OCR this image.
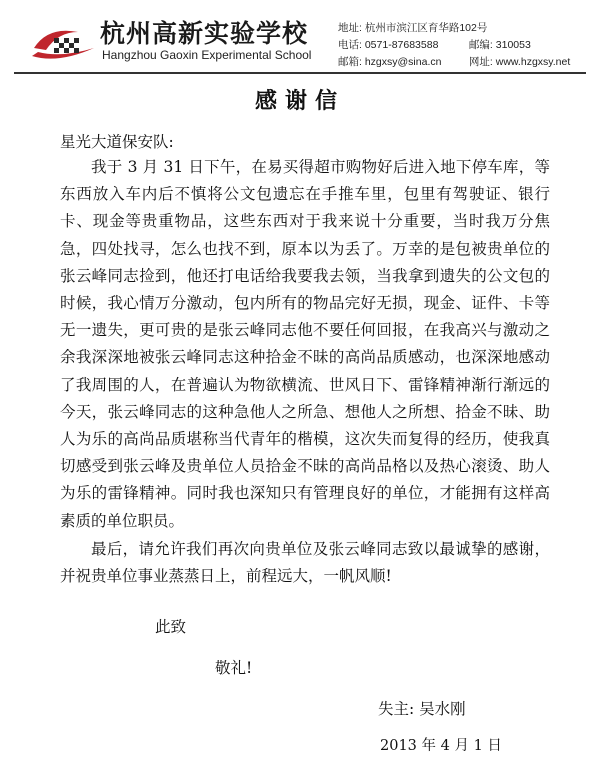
杭州高新实验学校
Hangzhou Gaoxin Experimental School
地址: 杭州市滨江区育华路102号
电话: 0571-87683588	邮编: 310053
邮箱: hzgxsy@sina.cn	网址: www.hzgxsy.net
感谢信
星光大道保安队:
我于 3 月 31 日下午，在易买得超市购物好后进入地下停车库，等东西放入车内后不慎将公文包遗忘在手推车里，包里有驾驶证、银行卡、现金等贵重物品，这些东西对于我来说十分重要，当时我万分焦急，四处找寻，怎么也找不到，原本以为丢了。万幸的是包被贵单位的张云峰同志捡到，他还打电话给我要我去领，当我拿到遗失的公文包的时候，我心情万分激动，包内所有的物品完好无损，现金、证件、卡等无一遗失，更可贵的是张云峰同志他不要任何回报，在我高兴与激动之余我深深地被张云峰同志这种拾金不昧的高尚品质感动，也深深地感动了我周围的人，在普遍认为物欲横流、世风日下、雷锋精神渐行渐远的今天，张云峰同志的这种急他人之所急、想他人之所想、拾金不昧、助人为乐的高尚品质堪称当代青年的楷模，这次失而复得的经历，使我真切感受到张云峰及贵单位人员拾金不昧的高尚品格以及热心滚烫、助人为乐的雷锋精神。同时我也深知只有管理良好的单位，才能拥有这样高素质的单位职员。
最后，请允许我们再次向贵单位及张云峰同志致以最诚挚的感谢，并祝贵单位事业蒸蒸日上，前程远大，一帆风顺!
此致
敬礼!
失主: 吴水刚
2013 年 4 月 1 日
